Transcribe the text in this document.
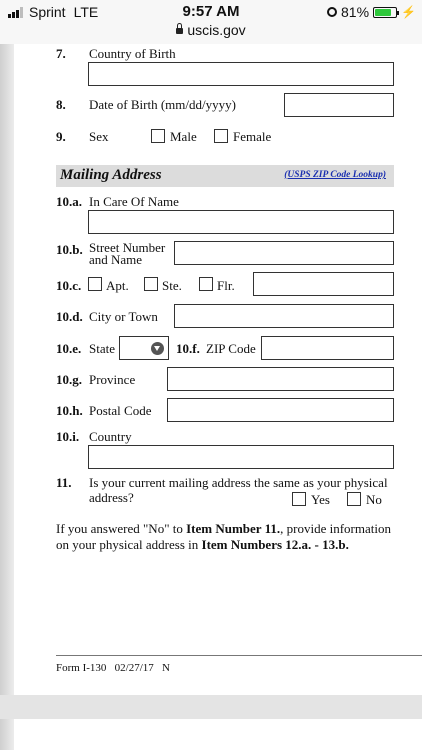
Sprint LTE	9:57 AM
uscis.gov
81%	⚡
7. Country of Birth
8. Date of Birth (mm/dd/yyyy)
9. Sex	Male	Female
Mailing Address	(USPS ZIP Code Lookup)
10.a. In Care Of Name
10.b. Street Number
and Name
10.c. Apt.	Ste.	Flr.
10.d. City or Town
10.e. State	10.f. ZIP Code
10.g. Province
10.h. Postal Code
10.i. Country
11. Is your current mailing address the same as your physical
address?	Yes	No
If you answered "No" to Item Number 11., provide information on your physical address in Item Numbers 12.a. - 13.b.
Form I-130   02/27/17   N
